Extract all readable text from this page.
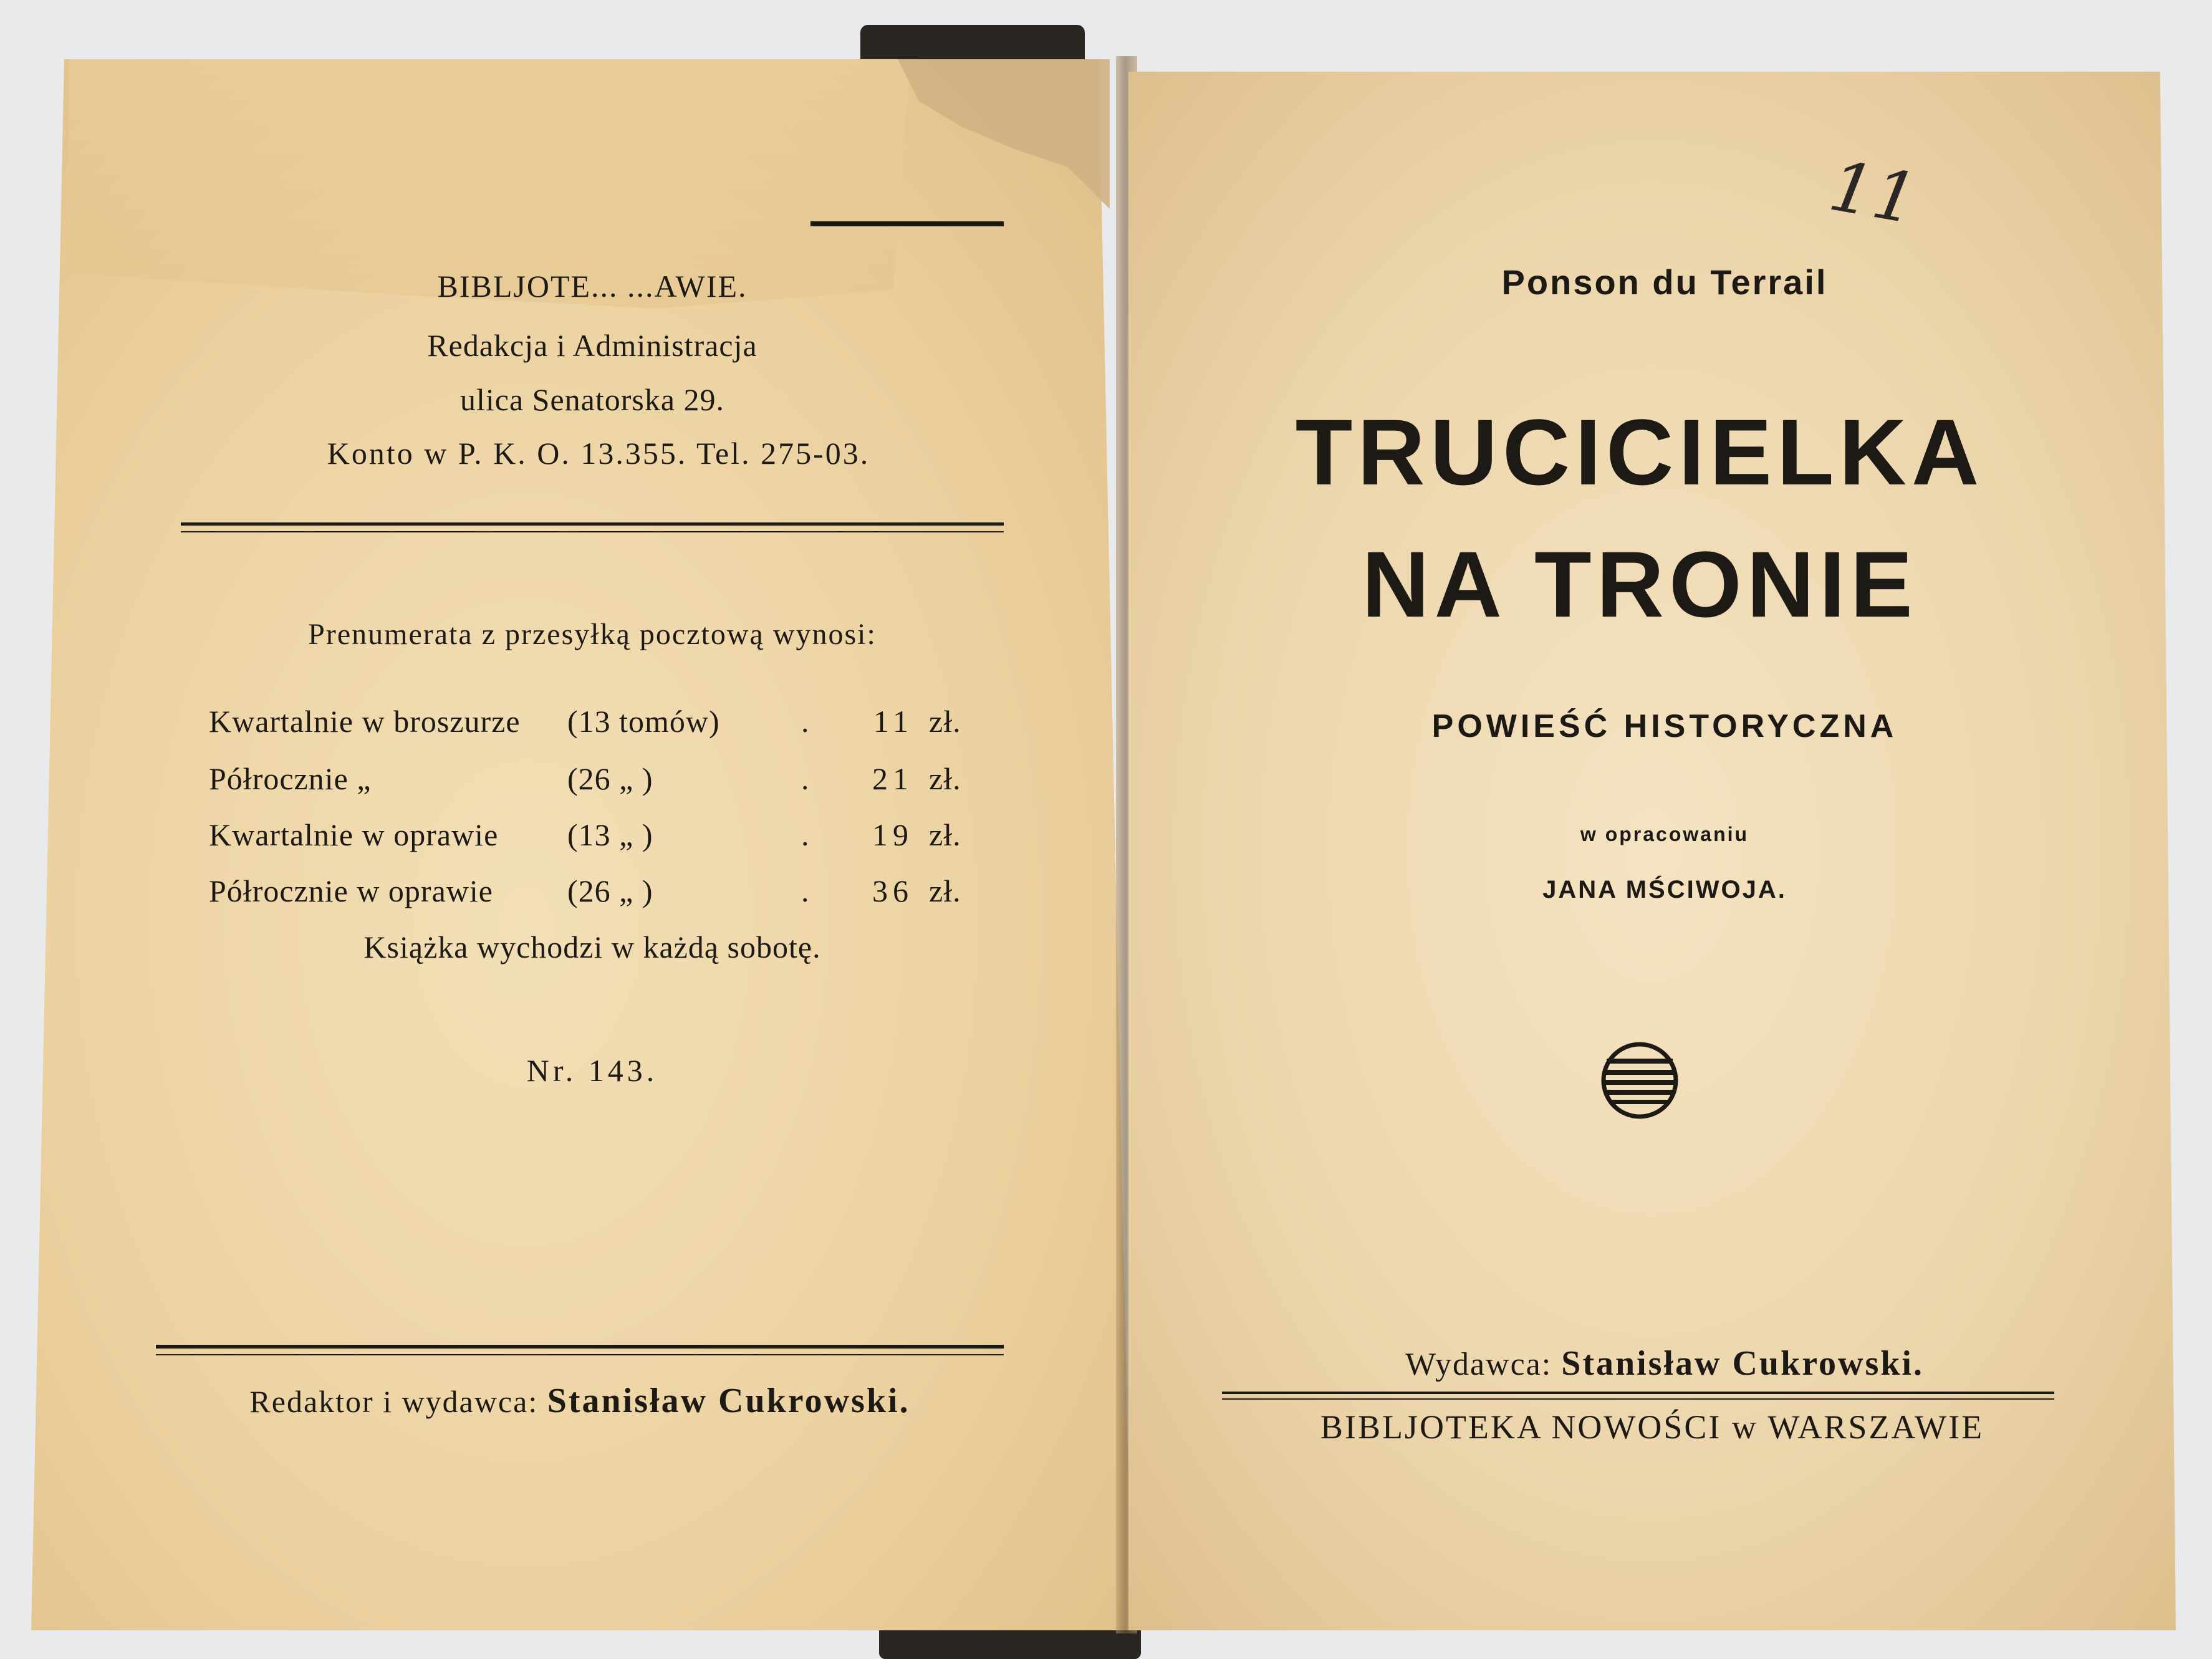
BIBLJOTE... ...AWIE.
Redakcja i Administracja
ulica Senatorska 29.
Konto w P. K. O. 13.355. Tel. 275-03.
Prenumerata z przesyłką pocztową wynosi:
Kwartalnie w broszurze (13 tomów)	.	11 zł.
Półrocznie „	(26 „ )	.	21 zł.
Kwartalnie w oprawie (13 „ )	.	19 zł.
Półrocznie w oprawie (26 „ )	.	36 zł.
Książka wychodzi w każdą sobotę.
Nr. 143.
Redaktor i wydawca: Stanisław Cukrowski.
11
Ponson du Terrail
TRUCICIELKA
NA TRONIE
POWIEŚĆ HISTORYCZNA
w opracowaniu
JANA MŚCIWOJA.
Wydawca: Stanisław Cukrowski.
BIBLJOTEKA NOWOŚCI w WARSZAWIE
